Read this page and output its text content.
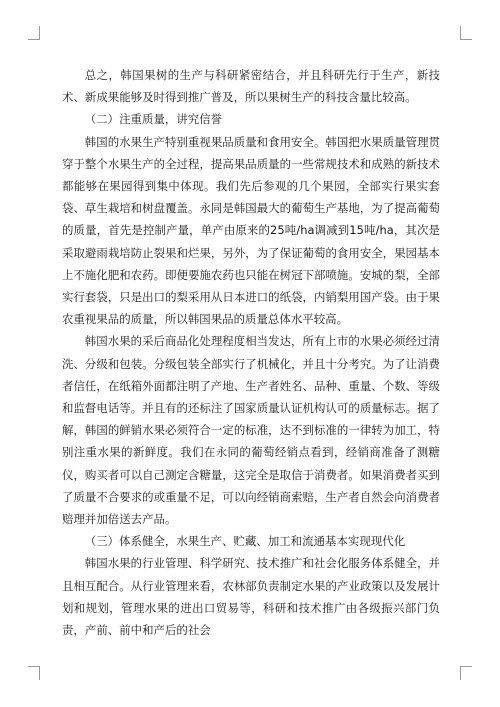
总之，韩国果树的生产与科研紧密结合，并且科研先行于生产，新技术、新成果能够及时得到推广普及，所以果树生产的科技含量比较高。

（二）注重质量，讲究信誉

韩国的水果生产特别重视果品质量和食用安全。韩国把水果质量管理贯穿于整个水果生产的全过程，提高果品质量的一些常规技术和成熟的新技术都能够在果园得到集中体现。我们先后参观的几个果园，全部实行果实套袋、草生栽培和树盘覆盖。永同是韩国最大的葡萄生产基地，为了提高葡萄的质量，首先是控制产量，单产由原来的25吨/ha调减到15吨/ha，其次是采取避雨栽培防止裂果和烂果，另外，为了保证葡萄的食用安全，果园基本上不施化肥和农药。即便要施农药也只能在树冠下部喷施。安城的梨，全部实行套袋，只是出口的梨采用从日本进口的纸袋，内销梨用国产袋。由于果农重视果品的质量，所以韩国果品的质量总体水平较高。

韩国水果的采后商品化处理程度相当发达，所有上市的水果必须经过清洗、分级和包装。分级包装全部实行了机械化，并且十分考究。为了让消费者信任，在纸箱外面都注明了产地、生产者姓名、品种、重量、个数、等级和监督电话等。并且有的还标注了国家质量认证机构认可的质量标志。据了解，韩国的鲜销水果必须符合一定的标准，达不到标准的一律转为加工，特别注重水果的新鲜度。我们在永同的葡萄经销点看到，经销商准备了测糖仪，购买者可以自己测定含糖量，这完全是取信于消费者。如果消费者买到了质量不合要求的或重量不足，可以向经销商索赔，生产者自然会向消费者赔理并加倍送去产品。

（三）体系健全，水果生产、贮藏、加工和流通基本实现现代化

韩国水果的行业管理、科学研究、技术推广和社会化服务体系健全，并且相互配合。从行业管理来看，农林部负责制定水果的产业政策以及发展计划和规划，管理水果的进出口贸易等，科研和技术推广由各级振兴部门负责，产前、前中和产后的社会
